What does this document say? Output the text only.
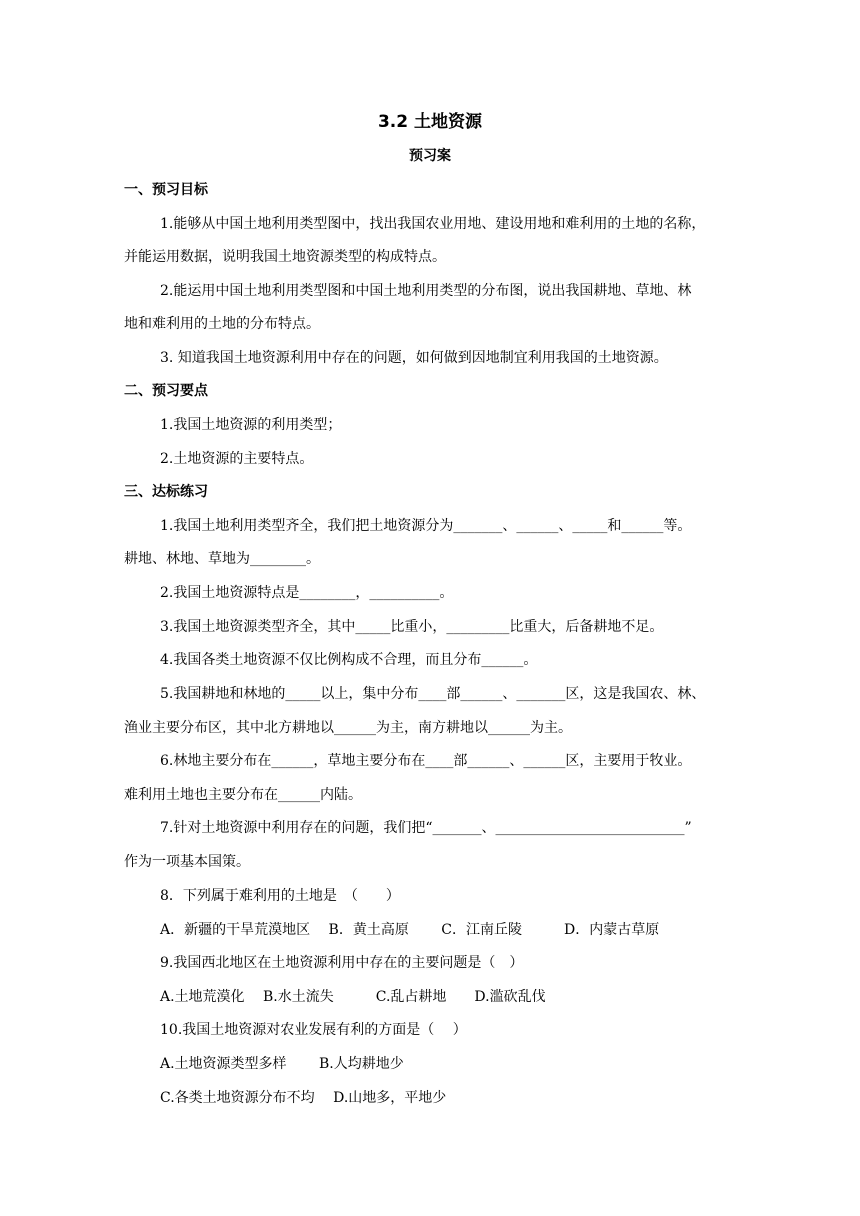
3.2 土地资源
预习案
一、预习目标
1.能够从中国土地利用类型图中，找出我国农业用地、建设用地和难利用的土地的名称，
并能运用数据，说明我国土地资源类型的构成特点。
2.能运用中国土地利用类型图和中国土地利用类型的分布图，说出我国耕地、草地、林
地和难利用的土地的分布特点。
3. 知道我国土地资源利用中存在的问题，如何做到因地制宜利用我国的土地资源。
二、预习要点
1.我国土地资源的利用类型；
2.土地资源的主要特点。
三、达标练习
1.我国土地利用类型齐全，我们把土地资源分为_______、______、_____和______等。
耕地、林地、草地为________。
2.我国土地资源特点是________，__________。
3.我国土地资源类型齐全，其中_____比重小，_________比重大，后备耕地不足。
4.我国各类土地资源不仅比例构成不合理，而且分布______。
5.我国耕地和林地的_____以上，集中分布____部______、_______区，这是我国农、林、
渔业主要分布区，其中北方耕地以______为主，南方耕地以______为主。
6.林地主要分布在______，草地主要分布在____部______、______区，主要用于牧业。
难利用土地也主要分布在______内陆。
7.针对土地资源中利用存在的问题，我们把“_______、___________________________”
作为一项基本国策。
8．下列属于难利用的土地是　（　　）
A．新疆的干旱荒漠地区　 B．黄土高原　　 C．江南丘陵　　　D．内蒙古草原
9.我国西北地区在土地资源利用中存在的主要问题是（　）
A.土地荒漠化　 B.水土流失　　　C.乱占耕地　　D.滥砍乱伐
10.我国土地资源对农业发展有利的方面是（　 ）
A.土地资源类型多样　　 B.人均耕地少
C.各类土地资源分布不均　 D.山地多，平地少
